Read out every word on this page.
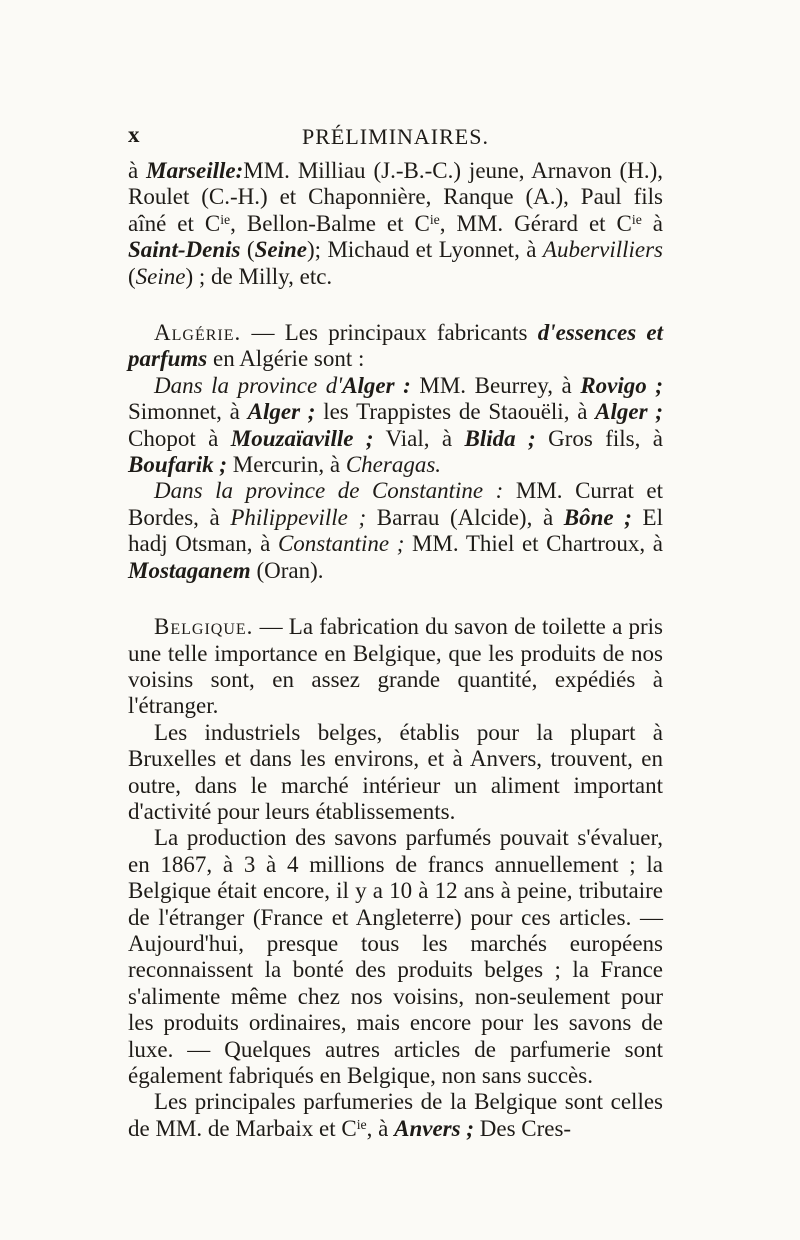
x	PRÉLIMINAIRES.

à Marseille:MM. Milliau (J.-B.-C.) jeune, Arnavon (H.), Roulet (C.-H.) et Chaponnière, Ranque (A.), Paul fils aîné et $C^{ie}$, Bellon-Balme et $C^{ie}$, MM. Gérard et $C^{ie}$ à Saint-Denis (Seine); Michaud et Lyonnet, à Aubervilliers (Seine) ; de Milly, etc.

Algérie. — Les principaux fabricants d'essences et parfums en Algérie sont :

Dans la province d'Alger : MM. Beurrey, à Rovigo ; Simonnet, à Alger ; les Trappistes de Staouëli, à Alger ; Chopot à Mouzaïaville ; Vial, à Blida ; Gros fils, à Boufarik ; Mercurin, à Cheragas.

Dans la province de Constantine : MM. Currat et Bordes, à Philippeville ; Barrau (Alcide), à Bône ; El hadj Otsman, à Constantine ; MM. Thiel et Chartroux, à Mostaganem (Oran).

Belgique. — La fabrication du savon de toilette a pris une telle importance en Belgique, que les produits de nos voisins sont, en assez grande quantité, expédiés à l'étranger.

Les industriels belges, établis pour la plupart à Bruxelles et dans les environs, et à Anvers, trouvent, en outre, dans le marché intérieur un aliment important d'activité pour leurs établissements.

La production des savons parfumés pouvait s'évaluer, en 1867, à 3 à 4 millions de francs annuellement ; la Belgique était encore, il y a 10 à 12 ans à peine, tributaire de l'étranger (France et Angleterre) pour ces articles. — Aujourd'hui, presque tous les marchés européens reconnaissent la bonté des produits belges ; la France s'alimente même chez nos voisins, non-seulement pour les produits ordinaires, mais encore pour les savons de luxe. — Quelques autres articles de parfumerie sont également fabriqués en Belgique, non sans succès.

Les principales parfumeries de la Belgique sont celles de MM. de Marbaix et $C^{ie}$, à Anvers ; Des Cres-
